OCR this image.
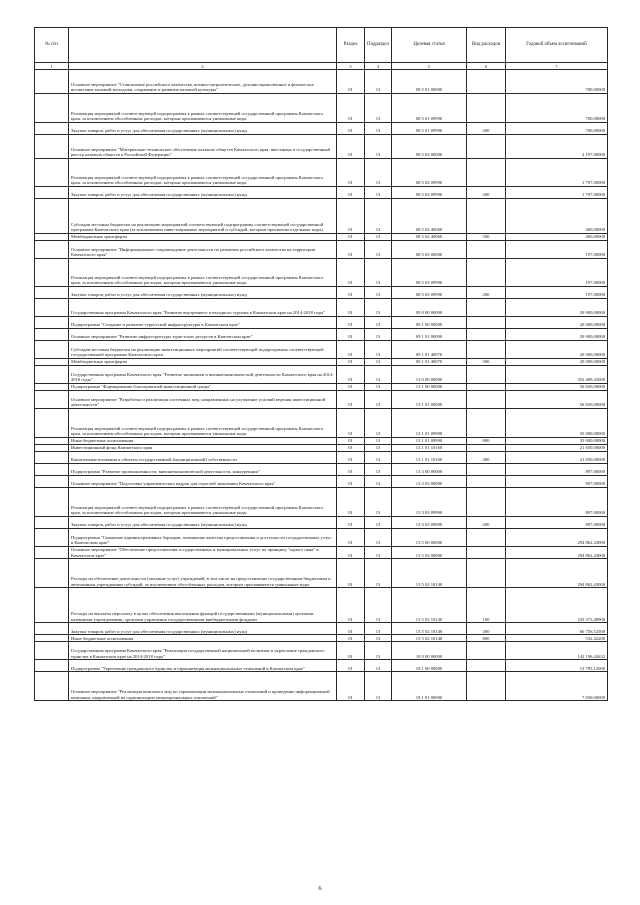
№ п/п		Раздел	Подраздел	Целевая статья	Вид расходов	Годовой объем ассигнований
1	2	3	4	5	6	7
	Основное мероприятие "Становление российского казачества, военно-патриотическое, духовно-нравственное и физическое воспитание казачьей молодежи, сохранение и развитие казачьей культуры"	01	13	08 5 01 00000		700,00000
	Реализация мероприятий соответствующей подпрограммы в рамках соответствующей государственной программы Камчатского края, за исключением обособленных расходов, которым присваиваются уникальные коды	01	13	08 5 01 09990		700,00000
	Закупка товаров, работ и услуг для обеспечения государственных (муниципальных) нужд	01	13	08 5 01 09990	200	700,00000
	Основное мероприятие "Материально-техническое обеспечение казачьих обществ Камчатского края, внесенных в государственный реестр казачьих обществ в Российской Федерации"	01	13	08 5 02 00000		2 197,00000
	Реализация мероприятий соответствующей подпрограммы в рамках соответствующей государственной программы Камчатского края, за исключением обособленных расходов, которым присваиваются уникальные коды	01	13	08 5 02 09990		1 797,00000
	Закупка товаров, работ и услуг для обеспечения государственных (муниципальных) нужд	01	13	08 5 02 09990	200	1 797,00000
	Субсидии местным бюджетам на реализацию мероприятий соответствующей подпрограммы соответствующей государственной программы Камчатского края (за исключением инвестиционных мероприятий и субсидий, которым присвоены отдельные коды)	01	13	08 5 02 40060		400,00000
	Межбюджетные трансферты	01	13	08 5 02 40060	500	400,00000
	Основное мероприятие "Информационное сопровождение деятельности по развитию российского казачества на территории Камчатского края"	01	13	08 5 03 00000		197,00000
	Реализация мероприятий соответствующей подпрограммы в рамках соответствующей государственной программы Камчатского края, за исключением обособленных расходов, которым присваиваются уникальные коды	01	13	08 5 03 09990		197,00000
	Закупка товаров, работ и услуг для обеспечения государственных (муниципальных) нужд	01	13	08 5 03 09990	200	197,00000
	Государственная программа Камчатского края "Развитие внутреннего и въездного туризма в Камчатском крае на 2014-2018 годы"	01	13	09 0 00 00000		20 000,00000
	Подпрограмма "Создание и развитие туристской инфраструктуры в Камчатском крае"	01	13	09 1 00 00000		20 000,00000
	Основное мероприятие "Развитие инфраструктуры туристских ресурсов в Камчатском крае"	01	13	09 1 01 00000		20 000,00000
	Субсидии местным бюджетам на реализацию инвестиционных мероприятий соответствующей подпрограммы соответствующей государственной программы Камчатского края	01	13	09 1 01 40070		20 000,00000
	Межбюджетные трансферты	01	13	09 1 01 40070	500	20 000,00000
	Государственная программа Камчатского края "Развитие экономики и внешнеэкономической деятельности Камчатского края на 2014-2018 годы"	01	13	13 0 00 00000		352 409,43000
	Подпрограмма "Формирование благоприятной инвестиционной среды"	01	13	13 1 00 00000		56 650,00000
	Основное мероприятие "Разработка и реализация системных мер, направленных на улучшение условий ведения инвестиционной деятельности"	01	13	13 1 01 00000		56 650,00000
	Реализация мероприятий соответствующей подпрограммы в рамках соответствующей государственной программы Камчатского края, за исключением обособленных расходов, которым присваиваются уникальные коды	01	13	13 1 01 09990		35 000,00000
	Иные бюджетные ассигнования	01	13	13 1 01 09990	800	35 000,00000
	Инвестиционный фонд Камчатского края	01	13	13 1 01 10160		21 650,00000
	Капитальные вложения в объекты государственной (муниципальной) собственности	01	13	13 1 01 10160	400	21 650,00000
	Подпрограмма "Развитие промышленности, внешнеэкономической деятельности, конкуренции"	01	13	13 3 00 00000		897,00000
	Основное мероприятие "Подготовка управленческих кадров для отраслей экономики Камчатского края"	01	13	13 3 03 00000		897,00000
	Реализация мероприятий соответствующей подпрограммы в рамках соответствующей государственной программы Камчатского края, за исключением обособленных расходов, которым присваиваются уникальные коды	01	13	13 3 03 09990		897,00000
	Закупка товаров, работ и услуг для обеспечения государственных (муниципальных) нужд	01	13	13 3 03 09990	200	897,00000
	Подпрограмма "Снижение административных барьеров, повышение качества предоставления и доступности государственных услуг в Камчатском крае"	01	13	13 5 00 00000		294 862,43000
	Основное мероприятие "Обеспечение предоставления государственных и муниципальных услуг по принципу "одного окна" в Камчатском крае"	01	13	13 5 02 00000		294 862,43000
	Расходы на обеспечение деятельности (оказание услуг) учреждений, в том числе на предоставление государственным бюджетным и автономным учреждениям субсидий, за исключением обособленных расходов, которым присваиваются уникальные коды	01	13	13 5 02 10140		294 862,43000
	Расходы на выплаты персоналу в целях обеспечения выполнения функций государственными (муниципальными) органами, казенными учреждениями, органами управления государственными внебюджетными фондами	01	13	13 5 02 10140	100	233 573,48900
	Закупка товаров, работ и услуг для обеспечения государственных (муниципальных) нужд	01	13	13 5 02 10140	200	60 756,52500
	Иные бюджетные ассигнования	01	13	13 5 02 10140	800	532,42200
	Государственная программа Камчатского края "Реализация государственной национальной политики и укрепление гражданского единства в Камчатском крае на 2014-2018 годы"	01	13	18 0 00 00000		142 196,42633
	Подпрограмма "Укрепление гражданского единства и гармонизация межнациональных отношений в Камчатском крае"	01	13	18 1 00 00000		13 783,12000
	Основное мероприятие "Реализация комплекса мер по гармонизации межнациональных отношений и проведение информационной кампании, направленной на гармонизацию межнациональных отношений"	01	13	18 1 01 00000		7 030,00000
6
